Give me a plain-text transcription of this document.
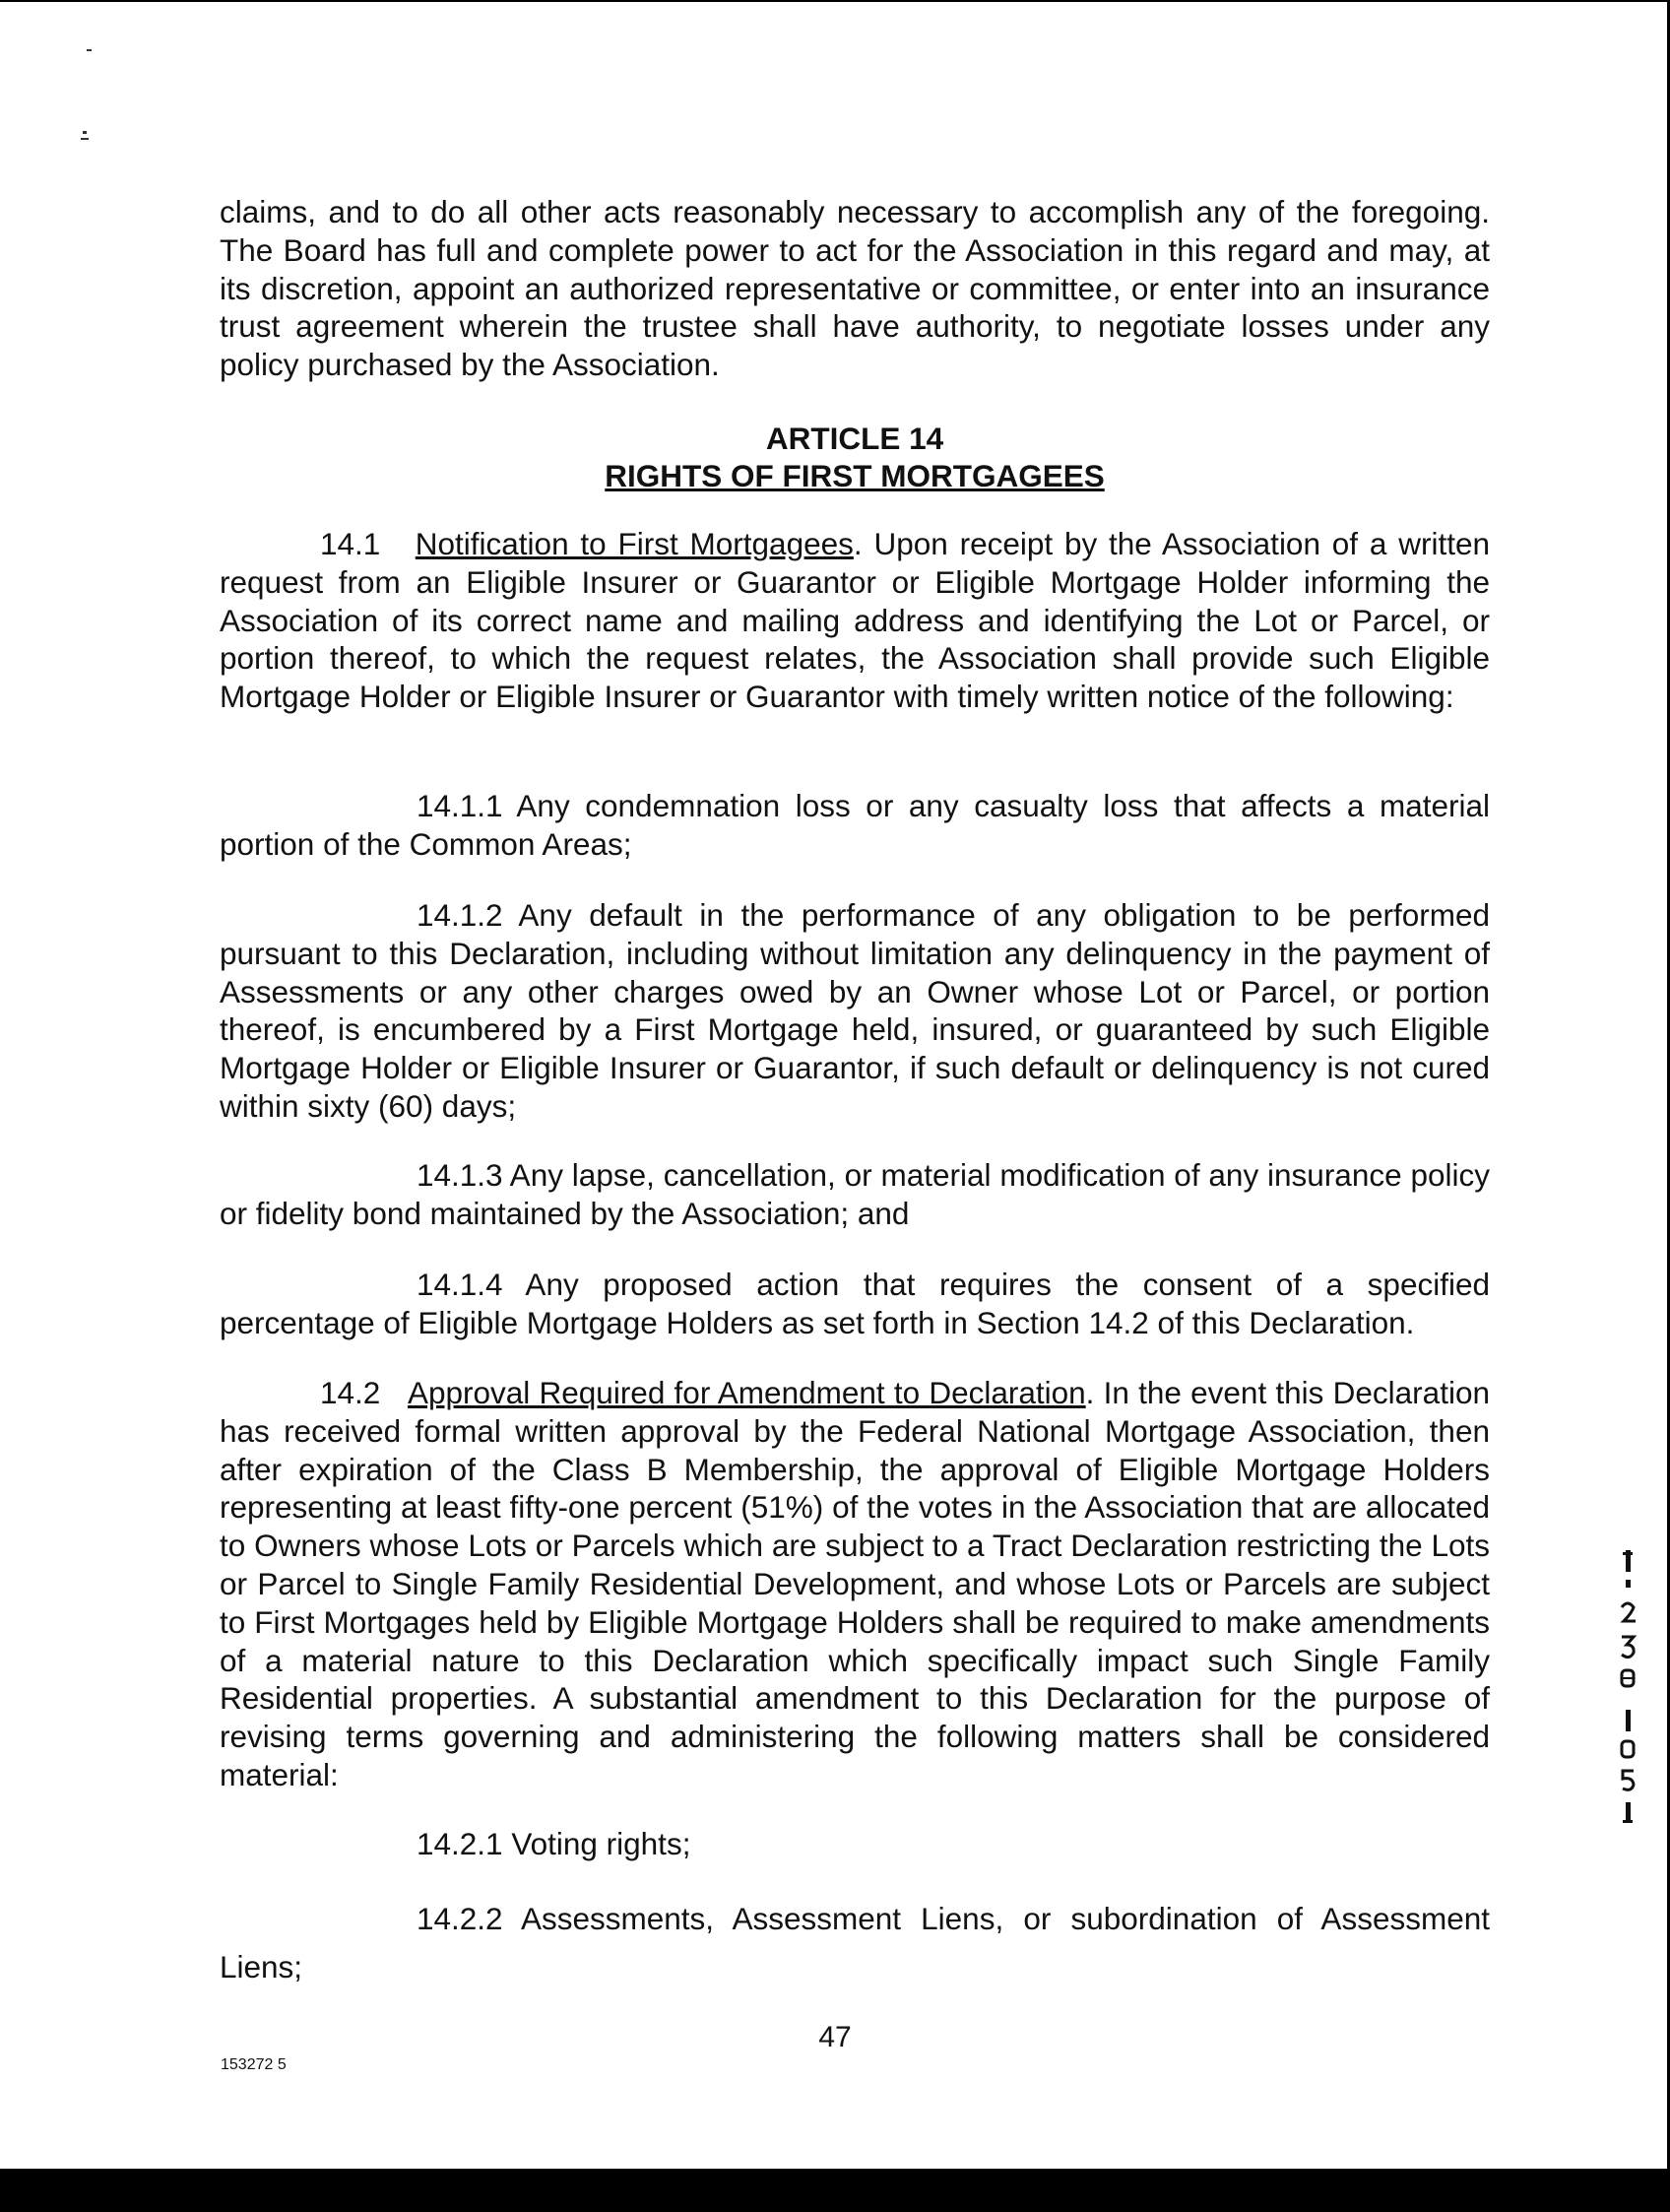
claims, and to do all other acts reasonably necessary to accomplish any of the foregoing. The Board has full and complete power to act for the Association in this regard and may, at its discretion, appoint an authorized representative or committee, or enter into an insurance trust agreement wherein the trustee shall have authority, to negotiate losses under any policy purchased by the Association.

ARTICLE 14

RIGHTS OF FIRST MORTGAGEES

14.1 Notification to First Mortgagees. Upon receipt by the Association of a written request from an Eligible Insurer or Guarantor or Eligible Mortgage Holder informing the Association of its correct name and mailing address and identifying the Lot or Parcel, or portion thereof, to which the request relates, the Association shall provide such Eligible Mortgage Holder or Eligible Insurer or Guarantor with timely written notice of the following:

14.1.1 Any condemnation loss or any casualty loss that affects a material portion of the Common Areas;

14.1.2 Any default in the performance of any obligation to be performed pursuant to this Declaration, including without limitation any delinquency in the payment of Assessments or any other charges owed by an Owner whose Lot or Parcel, or portion thereof, is encumbered by a First Mortgage held, insured, or guaranteed by such Eligible Mortgage Holder or Eligible Insurer or Guarantor, if such default or delinquency is not cured within sixty (60) days;

14.1.3 Any lapse, cancellation, or material modification of any insurance policy or fidelity bond maintained by the Association; and

14.1.4 Any proposed action that requires the consent of a specified percentage of Eligible Mortgage Holders as set forth in Section 14.2 of this Declaration.

14.2 Approval Required for Amendment to Declaration. In the event this Declaration has received formal written approval by the Federal National Mortgage Association, then after expiration of the Class B Membership, the approval of Eligible Mortgage Holders representing at least fifty-one percent (51%) of the votes in the Association that are allocated to Owners whose Lots or Parcels which are subject to a Tract Declaration restricting the Lots or Parcel to Single Family Residential Development, and whose Lots or Parcels are subject to First Mortgages held by Eligible Mortgage Holders shall be required to make amendments of a material nature to this Declaration which specifically impact such Single Family Residential properties. A substantial amendment to this Declaration for the purpose of revising terms governing and administering the following matters shall be considered material:

14.2.1 Voting rights;

14.2.2 Assessments, Assessment Liens, or subordination of Assessment Liens;

47

153272 5
